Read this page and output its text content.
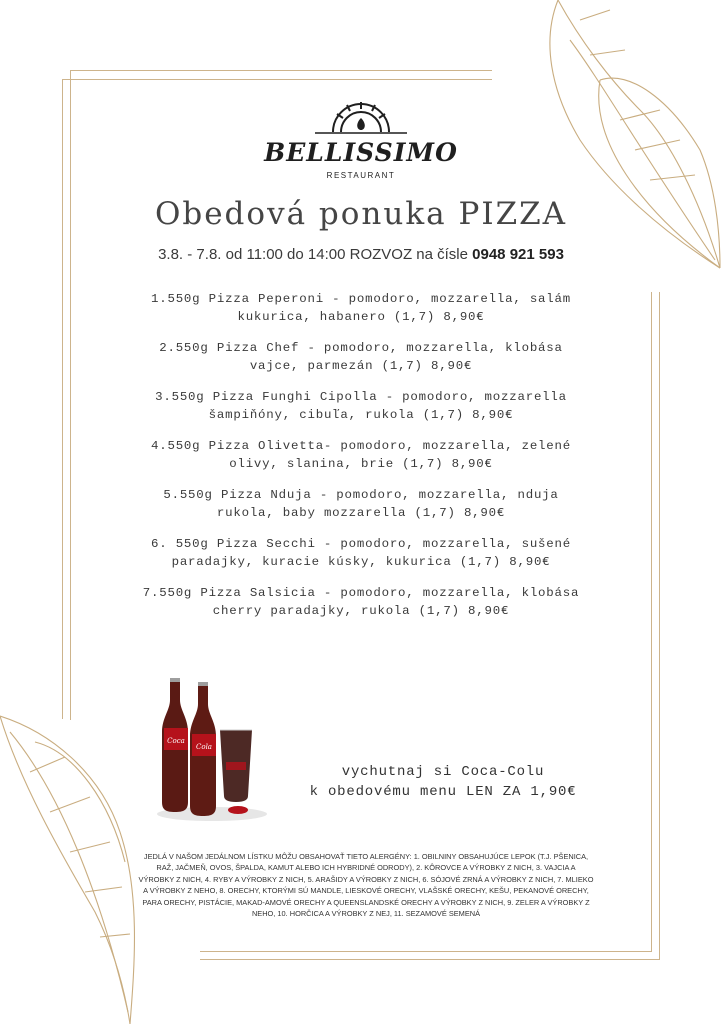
BELLISSIMO
RESTAURANT
Obedová ponuka PIZZA
3.8. - 7.8. od 11:00 do 14:00 ROZVOZ na čísle 0948 921 593
1.550g Pizza Peperoni - pomodoro, mozzarella, salám
kukurica, habanero (1,7) 8,90€
2.550g Pizza Chef - pomodoro, mozzarella, klobása
vajce, parmezán (1,7) 8,90€
3.550g Pizza Funghi Cipolla - pomodoro, mozzarella
šampiňóny, cibuľa, rukola (1,7) 8,90€
4.550g Pizza Olivetta- pomodoro, mozzarella, zelené
olivy, slanina, brie (1,7) 8,90€
5.550g Pizza Nduja - pomodoro, mozzarella, nduja
rukola, baby mozzarella (1,7) 8,90€
6. 550g Pizza Secchi - pomodoro, mozzarella, sušené
paradajky, kuracie kúsky, kukurica (1,7) 8,90€
7.550g Pizza Salsicia - pomodoro, mozzarella, klobása
cherry paradajky, rukola (1,7) 8,90€
Coca
Cola
vychutnaj si Coca-Colu
k obedovému menu LEN ZA 1,90€
JEDLÁ V NAŠOM JEDÁLNOM LÍSTKU MÔŽU OBSAHOVAŤ TIETO ALERGÉNY: 1. OBILNINY OBSAHUJÚCE LEPOK (T.J. PŠENICA, RAŽ, JAČMEŇ, OVOS, ŠPALDA, KAMUT ALEBO ICH HYBRIDNÉ ODRODY), 2. KÔROVCE A VÝROBKY Z NICH, 3. VAJCIA A VÝROBKY Z NICH, 4. RYBY A VÝROBKY Z NICH, 5. ARAŠIDY A VÝROBKY Z NICH, 6. SÓJOVÉ ZRNÁ A VÝROBKY Z NICH, 7. MLIEKO A VÝROBKY Z NEHO, 8. ORECHY, KTORÝMI SÚ MANDLE, LIESKOVÉ ORECHY, VLAŠSKÉ ORECHY, KEŠU, PEKANOVÉ ORECHY, PARA ORECHY, PISTÁCIE, MAKAD-AMOVÉ ORECHY A QUEENSLANDSKÉ ORECHY A VÝROBKY Z NICH, 9. ZELER A VÝROBKY Z NEHO, 10. HORČICA A VÝROBKY Z NEJ, 11. SEZAMOVÉ SEMENÁ
